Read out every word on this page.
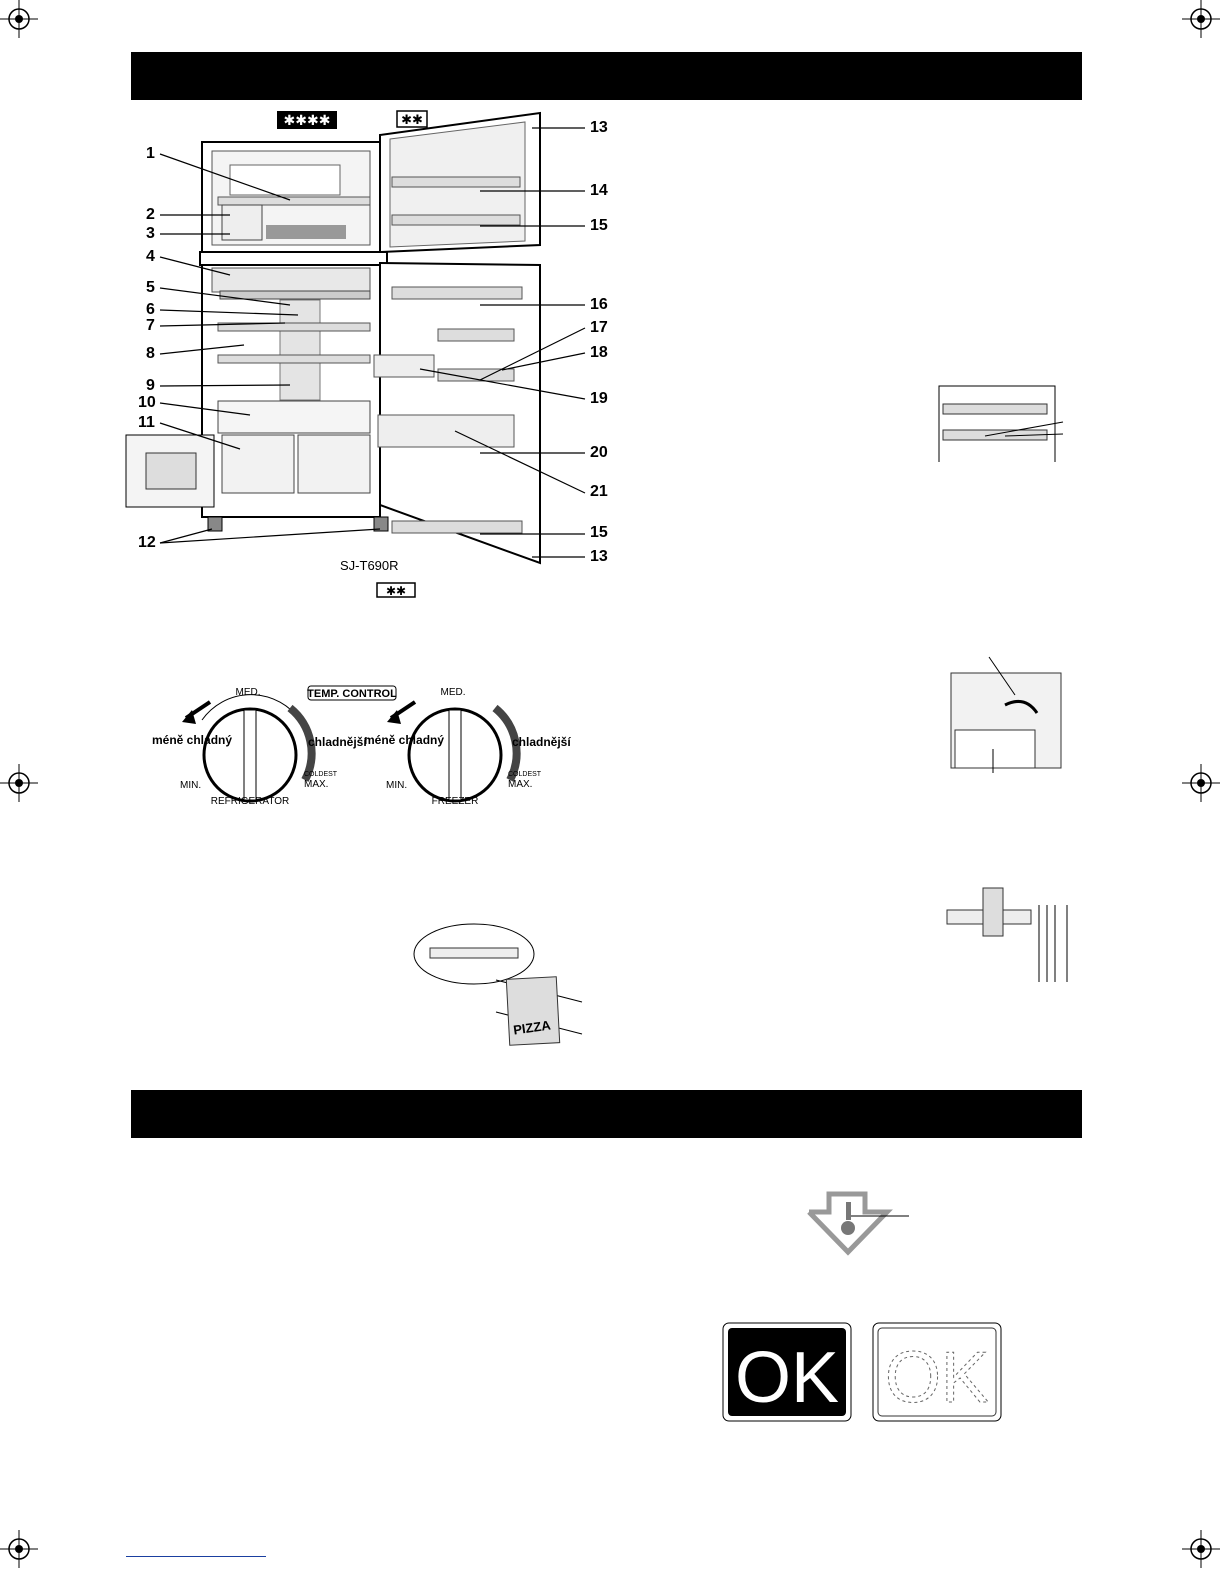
✱✱✱✱	✱✱
1
2
3
4
5
6
7
8
9
10
11
12
13
14
15
16
17
18
19
20
21
15
13
SJ-T690R
✱✱
TEMP. CONTROL
MED.
méně chladný	chladnější
MIN.
COLDEST
MAX.
REFRIGERATOR
MED.
méně chladný	chladnější
MIN.
COLDEST
MAX.
FREEZER
PIZZA
OK OK
